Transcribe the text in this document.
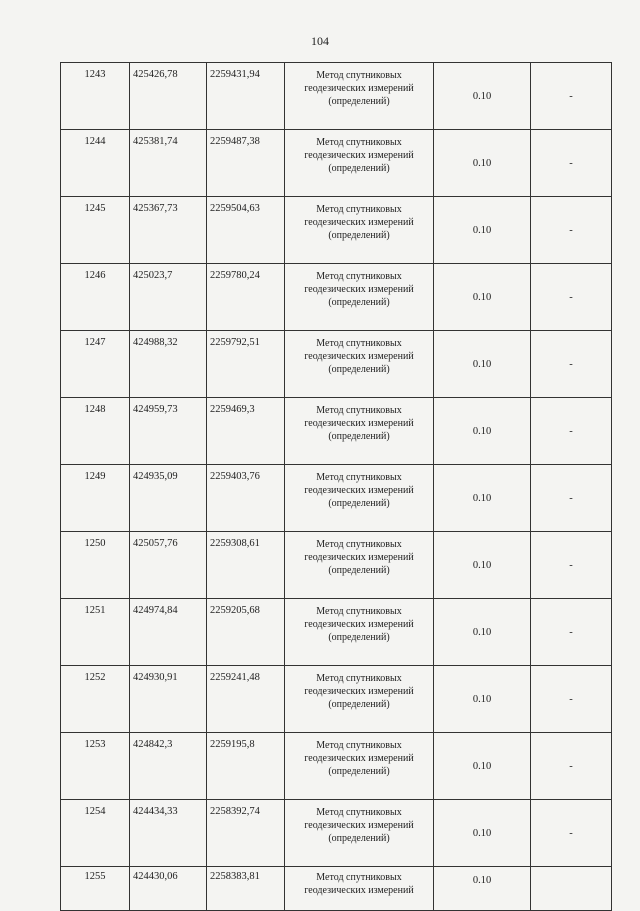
104
1243	425426,78	2259431,94	Метод спутниковых
геодезических измерений
(определений)	0.10	-
1244	425381,74	2259487,38	Метод спутниковых
геодезических измерений
(определений)	0.10	-
1245	425367,73	2259504,63	Метод спутниковых
геодезических измерений
(определений)	0.10	-
1246	425023,7	2259780,24	Метод спутниковых
геодезических измерений
(определений)	0.10	-
1247	424988,32	2259792,51	Метод спутниковых
геодезических измерений
(определений)	0.10	-
1248	424959,73	2259469,3	Метод спутниковых
геодезических измерений
(определений)	0.10	-
1249	424935,09	2259403,76	Метод спутниковых
геодезических измерений
(определений)	0.10	-
1250	425057,76	2259308,61	Метод спутниковых
геодезических измерений
(определений)	0.10	-
1251	424974,84	2259205,68	Метод спутниковых
геодезических измерений
(определений)	0.10	-
1252	424930,91	2259241,48	Метод спутниковых
геодезических измерений
(определений)	0.10	-
1253	424842,3	2259195,8	Метод спутниковых
геодезических измерений
(определений)	0.10	-
1254	424434,33	2258392,74	Метод спутниковых
геодезических измерений
(определений)	0.10	-
1255	424430,06	2258383,81	Метод спутниковых
геодезических измерений	0.10	
